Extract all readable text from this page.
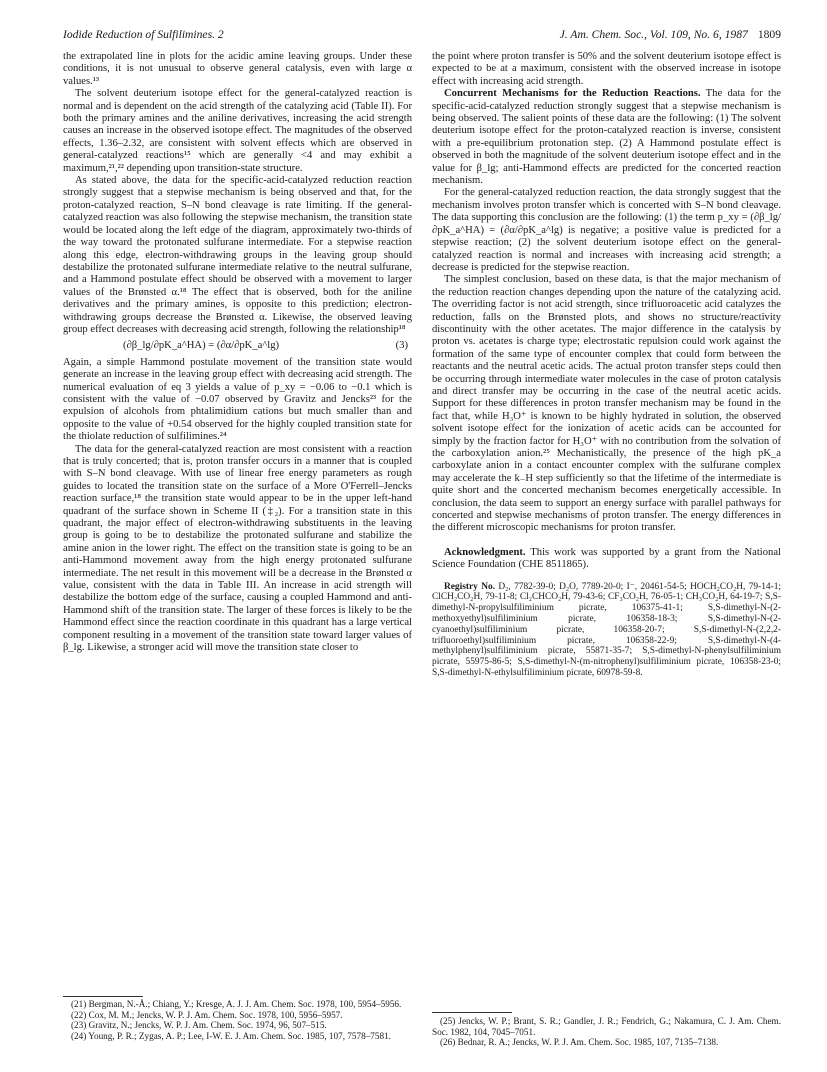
Iodide Reduction of Sulfilimines. 2	J. Am. Chem. Soc., Vol. 109, No. 6, 1987 1809

the extrapolated line in plots for the acidic amine leaving groups. Under these conditions, it is not unusual to observe general catalysis, even with large α values.¹³

The solvent deuterium isotope effect for the general-catalyzed reaction is normal and is dependent on the acid strength of the catalyzing acid (Table II). For both the primary amines and the aniline derivatives, increasing the acid strength causes an increase in the observed isotope effect. The magnitudes of the observed effects, 1.36–2.32, are consistent with solvent effects which are observed in general-catalyzed reactions¹⁵ which are generally <4 and may exhibit a maximum,²¹,²² depending upon transition-state structure.

As stated above, the data for the specific-acid-catalyzed reduction reaction strongly suggest that a stepwise mechanism is being observed and that, for the proton-catalyzed reaction, S–N bond cleavage is rate limiting. If the general-catalyzed reaction was also following the stepwise mechanism, the transition state would be located along the left edge of the diagram, approximately two-thirds of the way toward the protonated sulfurane intermediate. For a stepwise reaction along this edge, electron-withdrawing groups in the leaving group should destabilize the protonated sulfurane intermediate relative to the neutral sulfurane, and a Hammond postulate effect should be observed with a movement to larger values of the Brønsted α.¹⁸ The effect that is observed, both for the aniline derivatives and the primary amines, is opposite to this prediction; electron-withdrawing groups decrease the Brønsted α. Likewise, the observed leaving group effect decreases with decreasing acid strength, following the relationship¹⁸

(∂β_lg/∂pK_a^HA) = (∂α/∂pK_a^lg)	(3)

Again, a simple Hammond postulate movement of the transition state would generate an increase in the leaving group effect with decreasing acid strength. The numerical evaluation of eq 3 yields a value of p_xy = −0.06 to −0.1 which is consistent with the value of −0.07 observed by Gravitz and Jencks²³ for the expulsion of alcohols from phtalimidium cations but much smaller than and opposite to the value of +0.54 observed for the highly coupled transition state for the thiolate reduction of sulfilimines.²⁴

The data for the general-catalyzed reaction are most consistent with a reaction that is truly concerted; that is, proton transfer occurs in a manner that is coupled with S–N bond cleavage. With use of linear free energy parameters as rough guides to located the transition state on the surface of a More O'Ferrell–Jencks reaction surface,¹⁸ the transition state would appear to be in the upper left-hand quadrant of the surface shown in Scheme II (‡₂). For a transition state in this quadrant, the major effect of electron-withdrawing substituents in the leaving group is going to be to destabilize the protonated sulfurane and stabilize the amine anion in the lower right. The effect on the transition state is going to be an anti-Hammond movement away from the high energy protonated sulfurane intermediate. The net result in this movement will be a decrease in the Brønsted α value, consistent with the data in Table III. An increase in acid strength will destabilize the bottom edge of the surface, causing a coupled Hammond and anti-Hammond shift of the transition state. The larger of these forces is likely to be the Hammond effect since the reaction coordinate in this quadrant has a large vertical component resulting in a movement of the transition state toward larger values of β_lg. Likewise, a stronger acid will move the transition state closer to

the point where proton transfer is 50% and the solvent deuterium isotope effect is expected to be at a maximum, consistent with the observed increase in isotope effect with increasing acid strength.

Concurrent Mechanisms for the Reduction Reactions. The data for the specific-acid-catalyzed reduction strongly suggest that a stepwise mechanism is being observed. The salient points of these data are the following: (1) The solvent deuterium isotope effect for the proton-catalyzed reaction is inverse, consistent with a pre-equilibrium protonation step. (2) A Hammond postulate effect is observed in both the magnitude of the solvent deuterium isotope effect and in the value for β_lg; anti-Hammond effects are predicted for the concerted reaction mechanism.

For the general-catalyzed reduction reaction, the data strongly suggest that the mechanism involves proton transfer which is concerted with S–N bond cleavage. The data supporting this conclusion are the following: (1) the term p_xy = (∂β_lg/∂pK_a^HA) = (∂α/∂pK_a^lg) is negative; a positive value is predicted for a stepwise reaction; (2) the solvent deuterium isotope effect on the general-catalyzed reaction is normal and increases with increasing acid strength; a decrease is predicted for the stepwise reaction.

The simplest conclusion, based on these data, is that the major mechanism of the reduction reaction changes depending upon the nature of the catalyzing acid. The overriding factor is not acid strength, since trifluoroacetic acid catalyzes the reduction, falls on the Brønsted plots, and shows no structure/reactivity discontinuity with the other acetates. The major difference in the catalysis by proton vs. acetates is charge type; electrostatic repulsion could work against the formation of the same type of encounter complex that could form between the reactants and the neutral acetic acids. The actual proton transfer steps could then be occurring through intermediate water molecules in the case of proton catalysis and direct transfer may be occurring in the case of the neutral acetic acids. Support for these differences in proton transfer mechanism may be found in the fact that, while H₃O⁺ is known to be highly hydrated in solution, the observed solvent isotope effect for the ionization of acetic acids can be accounted for simply by the fraction factor for H₃O⁺ with no contribution from the solvation of the carboxylation anion.²⁵ Mechanistically, the presence of the high pK_a carboxylate anion in a contact encounter complex with the sulfurane complex may accelerate the k₋H step sufficiently so that the lifetime of the intermediate is quite short and the concerted mechanism becomes energetically accessible. In conclusion, the data seem to support an energy surface with parallel pathways for concerted and stepwise mechanisms of proton transfer. The energy differences in the different microscopic mechanisms for proton transfer.

Acknowledgment. This work was supported by a grant from the National Science Foundation (CHE 8511865).

Registry No. D₂, 7782-39-0; D₂O, 7789-20-0; I⁻, 20461-54-5; HOCH₂CO₂H, 79-14-1; ClCH₂CO₂H, 79-11-8; Cl₂CHCO₂H, 79-43-6; CF₃CO₂H, 76-05-1; CH₃CO₂H, 64-19-7; S,S-dimethyl-N-propylsulfiliminium picrate, 106375-41-1; S,S-dimethyl-N-(2-methoxyethyl)sulfiliminium picrate, 106358-18-3; S,S-dimethyl-N-(2-cyanoethyl)sulfiliminium picrate, 106358-20-7; S,S-dimethyl-N-(2,2,2-trifluoroethyl)sulfiliminium picrate, 106358-22-9; S,S-dimethyl-N-(4-methylphenyl)sulfiliminium picrate, 55871-35-7; S,S-dimethyl-N-phenylsulfiliminium picrate, 55975-86-5; S,S-dimethyl-N-(m-nitrophenyl)sulfiliminium picrate, 106358-23-0; S,S-dimethyl-N-ethylsulfiliminium picrate, 60978-59-8.

(21) Bergman, N.-Å.; Chiang, Y.; Kresge, A. J. J. Am. Chem. Soc. 1978, 100, 5954–5956.

(22) Cox, M. M.; Jencks, W. P. J. Am. Chem. Soc. 1978, 100, 5956–5957.

(23) Gravitz, N.; Jencks, W. P. J. Am. Chem. Soc. 1974, 96, 507–515.

(24) Young, P. R.; Zygas, A. P.; Lee, I-W. E. J. Am. Chem. Soc. 1985, 107, 7578–7581.

(25) Jencks, W. P.; Brant, S. R.; Gandler, J. R.; Fendrich, G.; Nakamura, C. J. Am. Chem. Soc. 1982, 104, 7045–7051.

(26) Bednar, R. A.; Jencks, W. P. J. Am. Chem. Soc. 1985, 107, 7135–7138.
